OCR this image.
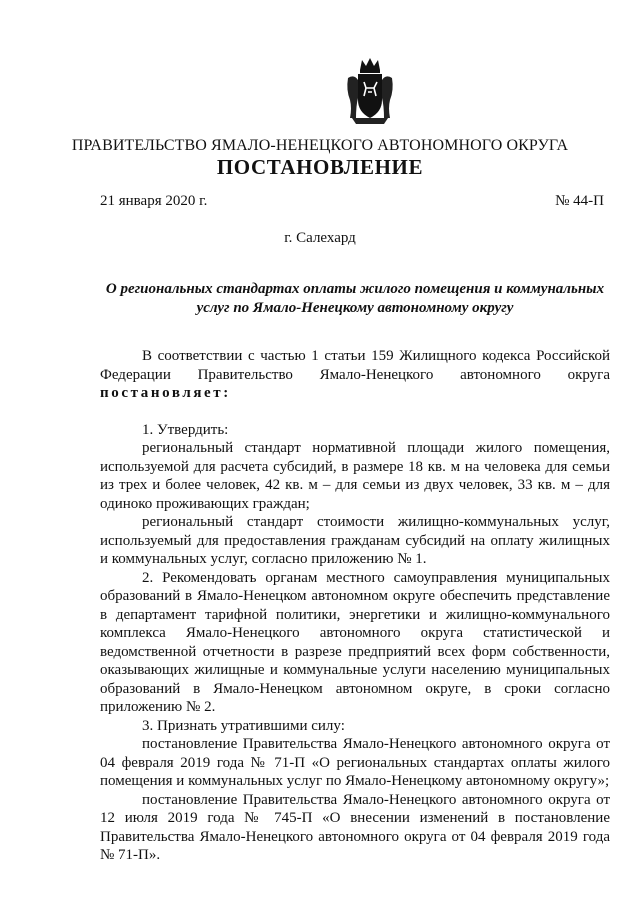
ПРАВИТЕЛЬСТВО ЯМАЛО-НЕНЕЦКОГО АВТОНОМНОГО ОКРУГА
ПОСТАНОВЛЕНИЕ
21 января 2020 г.	№ 44-П
г. Салехард
О региональных стандартах оплаты жилого помещения и коммунальных услуг по Ямало-Ненецкому автономному округу

В соответствии с частью 1 статьи 159 Жилищного кодекса Российской Федерации Правительство Ямало-Ненецкого автономного округа постановляет:

1. Утвердить:

региональный стандарт нормативной площади жилого помещения, используемой для расчета субсидий, в размере 18 кв. м на человека для семьи из трех и более человек, 42 кв. м – для семьи из двух человек, 33 кв. м – для одиноко проживающих граждан;

региональный стандарт стоимости жилищно-коммунальных услуг, используемый для предоставления гражданам субсидий на оплату жилищных и коммунальных услуг, согласно приложению № 1.

2. Рекомендовать органам местного самоуправления муниципальных образований в Ямало-Ненецком автономном округе обеспечить представление в департамент тарифной политики, энергетики и жилищно-коммунального комплекса Ямало-Ненецкого автономного округа статистической и ведомственной отчетности в разрезе предприятий всех форм собственности, оказывающих жилищные и коммунальные услуги населению муниципальных образований в Ямало-Ненецком автономном округе, в сроки согласно приложению № 2.

3. Признать утратившими силу:

постановление Правительства Ямало-Ненецкого автономного округа от 04 февраля 2019 года № 71-П «О региональных стандартах оплаты жилого помещения и коммунальных услуг по Ямало-Ненецкому автономному округу»;

постановление Правительства Ямало-Ненецкого автономного округа от 12 июля 2019 года № 745-П «О внесении изменений в постановление Правительства Ямало-Ненецкого автономного округа от 04 февраля 2019 года № 71-П».
